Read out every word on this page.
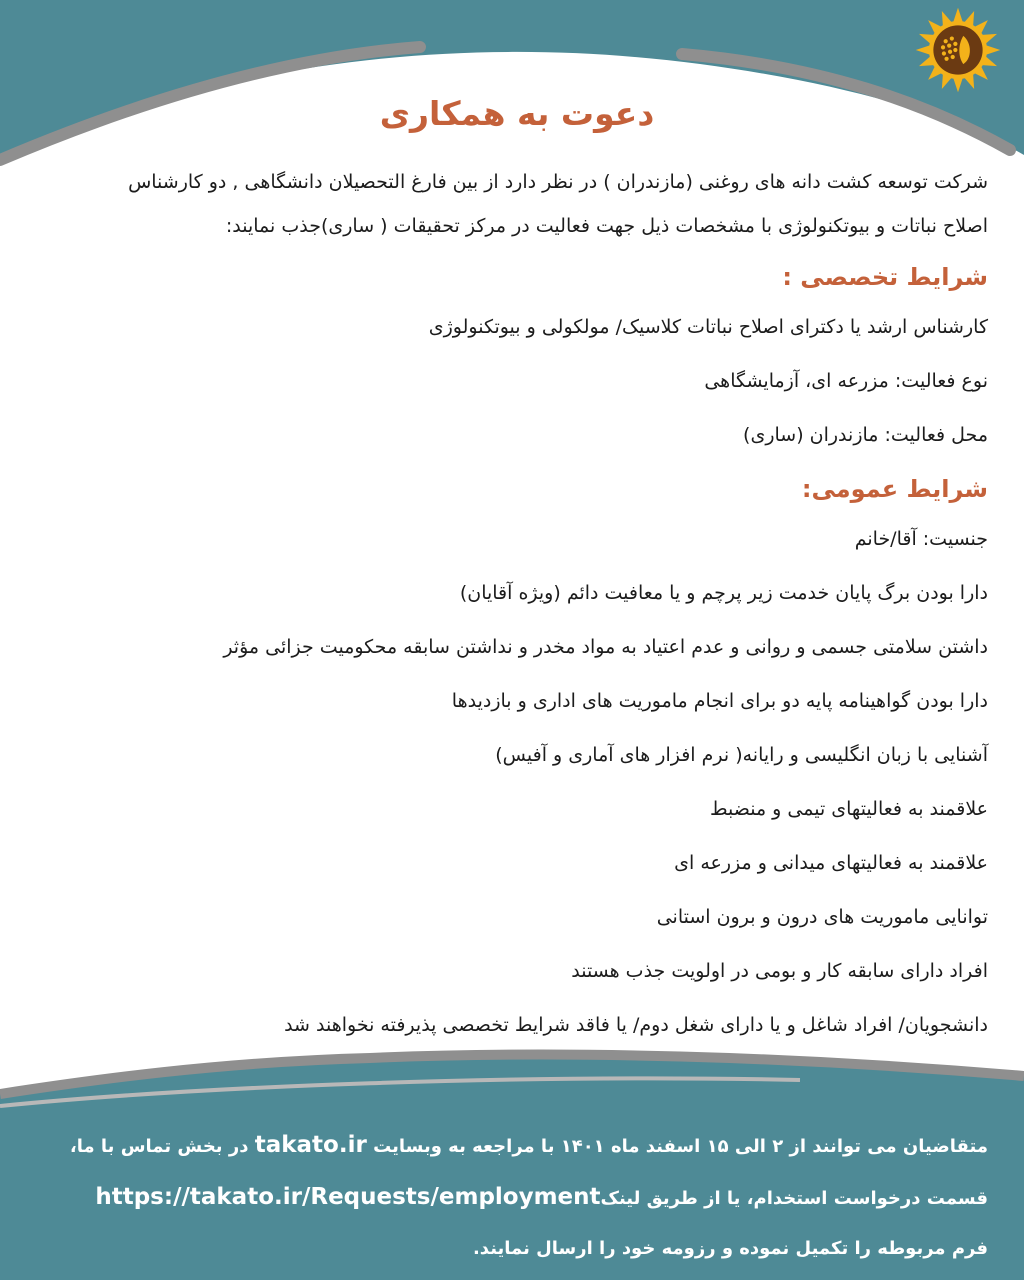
دعوت به همکاری

شرکت توسعه کشت دانه های روغنی (مازندران ) در نظر دارد از بین فارغ التحصیلان دانشگاهی , دو کارشناس
اصلاح نباتات و بیوتکنولوژی با مشخصات ذیل جهت فعالیت در مرکز تحقیقات ( ساری)جذب نمایند:

شرایط تخصصی :

کارشناس ارشد یا دکترای اصلاح نباتات کلاسیک/ مولکولی و بیوتکنولوژی

نوع فعالیت: مزرعه ای، آزمایشگاهی

محل فعالیت: مازندران (ساری)

شرایط عمومی:

جنسیت: آقا/خانم

دارا بودن برگ پایان خدمت زیر پرچم و یا معافیت دائم (ویژه آقایان)

داشتن سلامتی جسمی و روانی و عدم اعتیاد به مواد مخدر و نداشتن سابقه محکومیت جزائی مؤثر

دارا بودن گواهینامه پایه دو برای انجام ماموریت های اداری و بازدیدها

آشنایی با زبان انگلیسی و رایانه( نرم افزار های آماری و آفیس)

علاقمند به فعالیتهای تیمی و منضبط

علاقمند به فعالیتهای میدانی و مزرعه ای

توانایی ماموریت های درون و برون استانی

افراد دارای سابقه کار و بومی در اولویت جذب هستند

دانشجویان/ افراد شاغل و یا دارای شغل دوم/ یا فاقد شرایط تخصصی پذیرفته نخواهند شد

متقاضیان می توانند از ۲ الی ۱۵ اسفند ماه ۱۴۰۱ با مراجعه به وبسایت takato.ir در بخش تماس با ما،

قسمت درخواست استخدام، یا از طریق لینکhttps://takato.ir/Requests/employment

فرم مربوطه را تکمیل نموده و رزومه خود را ارسال نمایند.
